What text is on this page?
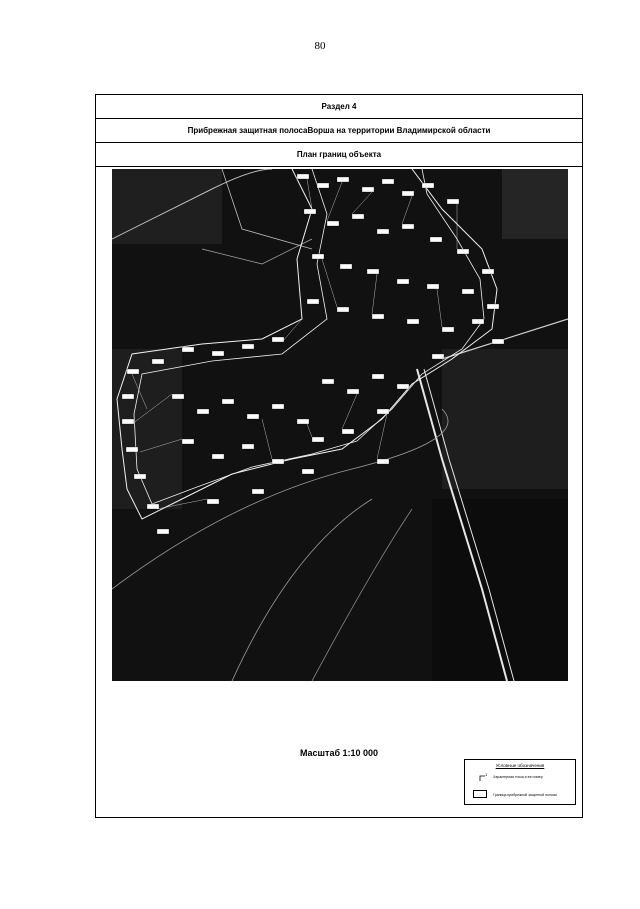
80
Раздел 4
Прибрежная защитная полосаВорша на территории Владимирской области
План границ объекта
Масштаб 1:10 000
Условные обозначения
1 Характерная точка и ее номер
Граница прибрежной защитной полосы
